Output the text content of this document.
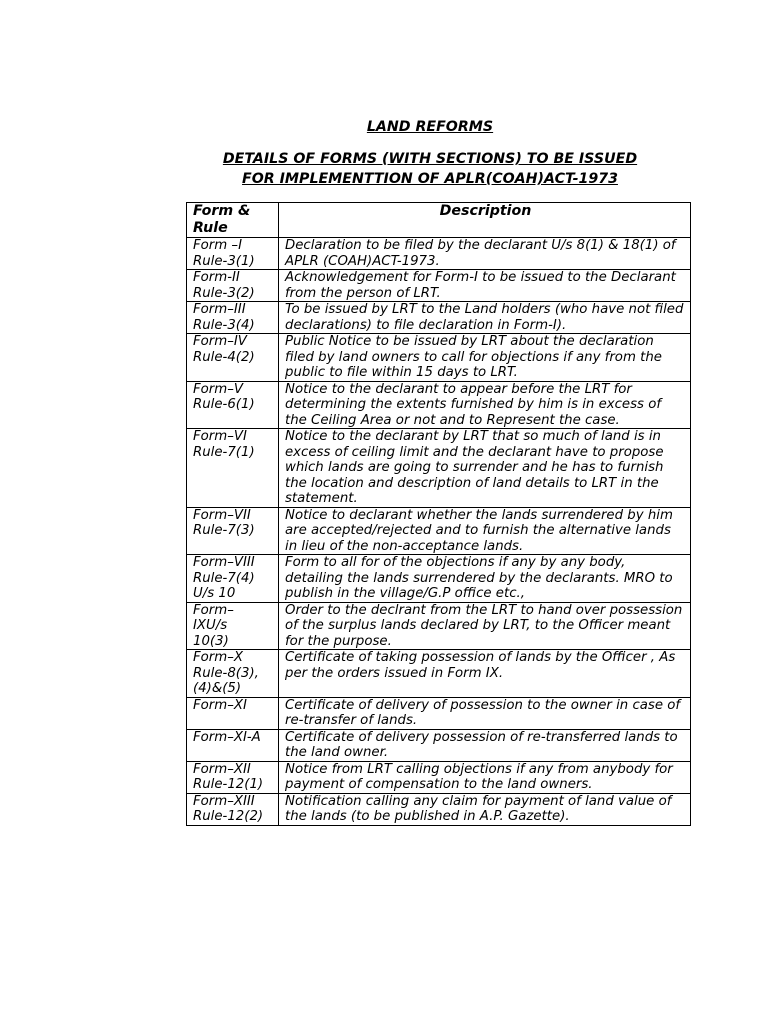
LAND REFORMS

DETAILS OF FORMS (WITH SECTIONS) TO BE ISSUED

FOR IMPLEMENTTION OF APLR(COAH)ACT-1973

Form &
Rule	Description
Form –I
Rule-3(1)	Declaration to be filed by the declarant U/s 8(1) & 18(1) of APLR (COAH)ACT-1973.
Form-II
Rule-3(2)	Acknowledgement for Form-I to be issued to the Declarant from the person of LRT.
Form–III
Rule-3(4)	To be issued by LRT to the Land holders (who have not filed declarations) to file declaration in Form-I).
Form–IV
Rule-4(2)	Public Notice to be issued by LRT about the declaration filed by land owners to call for objections if any from the public to file within 15 days to LRT.
Form–V
Rule-6(1)	Notice to the declarant to appear before the LRT for determining the extents furnished by him is in excess of the Ceiling Area or not and to Represent the case.
Form–VI
Rule-7(1)	Notice to the declarant by LRT that so much of land is in excess of ceiling limit and the declarant have to propose which lands are going to surrender and he has to furnish the location and description of land details to LRT in the statement.
Form–VII
Rule-7(3)	Notice to declarant whether the lands surrendered by him are accepted/rejected and to furnish the alternative lands in lieu of the non-acceptance lands.
Form–VIII
Rule-7(4)
U/s 10	Form to all for of the objections if any by any body, detailing the lands surrendered by the declarants. MRO to publish in the village/G.P office etc.,
Form–
IXU/s
10(3)	Order to the declrant from the LRT to hand over possession of the surplus lands declared by LRT, to the Officer meant for the purpose.
Form–X
Rule-8(3),
(4)&(5)	Certificate of taking possession of lands by the Officer , As per the orders issued in Form IX.
Form–XI	Certificate of delivery of possession to the owner in case of re-transfer of lands.
Form–XI-A	Certificate of delivery possession of re-transferred lands to the land owner.
Form–XII
Rule-12(1)	Notice from LRT calling objections if any from anybody for payment of compensation to the land owners.
Form–XIII
Rule-12(2)	Notification calling any claim for payment of land value of the lands (to be published in A.P. Gazette).
